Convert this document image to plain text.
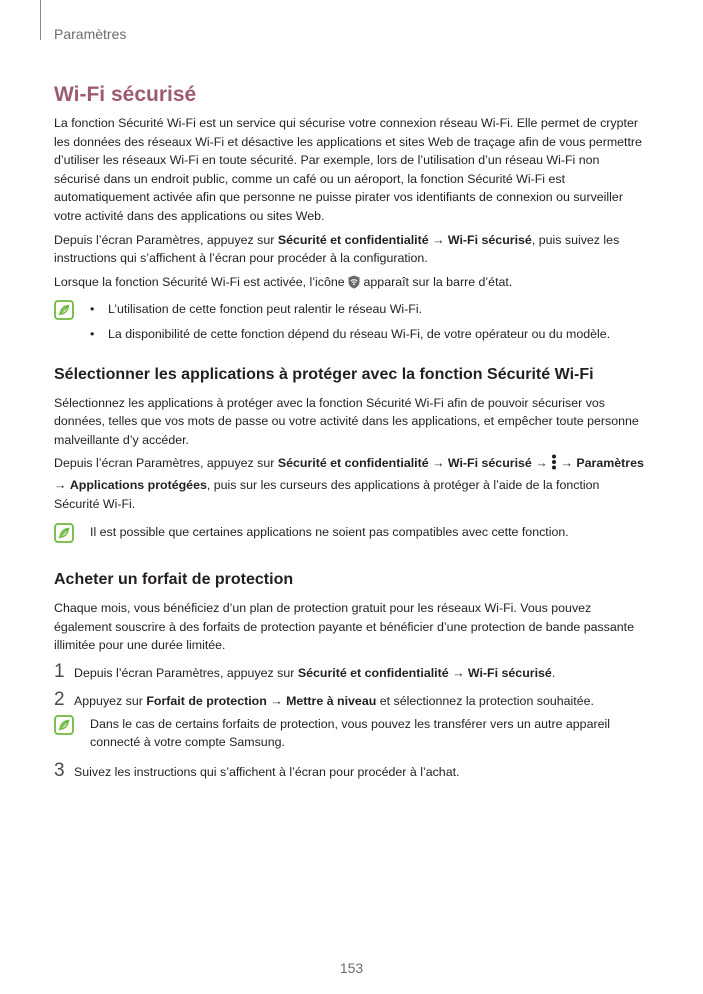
Paramètres
Wi-Fi sécurisé

La fonction Sécurité Wi-Fi est un service qui sécurise votre connexion réseau Wi-Fi. Elle permet de crypter les données des réseaux Wi-Fi et désactive les applications et sites Web de traçage afin de vous permettre d’utiliser les réseaux Wi-Fi en toute sécurité. Par exemple, lors de l’utilisation d’un réseau Wi-Fi non sécurisé dans un endroit public, comme un café ou un aéroport, la fonction Sécurité Wi-Fi est automatiquement activée afin que personne ne puisse pirater vos identifiants de connexion ou surveiller votre activité dans des applications ou sites Web.

Depuis l’écran Paramètres, appuyez sur Sécurité et confidentialité → Wi-Fi sécurisé, puis suivez les instructions qui s’affichent à l’écran pour procéder à la configuration.

Lorsque la fonction Sécurité Wi-Fi est activée, l’icône  apparaît sur la barre d’état.

• L’utilisation de cette fonction peut ralentir le réseau Wi-Fi.
• La disponibilité de cette fonction dépend du réseau Wi-Fi, de votre opérateur ou du modèle.
Sélectionner les applications à protéger avec la fonction Sécurité Wi-Fi

Sélectionnez les applications à protéger avec la fonction Sécurité Wi-Fi afin de pouvoir sécuriser vos données, telles que vos mots de passe ou votre activité dans les applications, et empêcher toute personne malveillante d’y accéder.

Depuis l’écran Paramètres, appuyez sur Sécurité et confidentialité → Wi-Fi sécurisé →  → Paramètres → Applications protégées, puis sur les curseurs des applications à protéger à l’aide de la fonction Sécurité Wi-Fi.

Il est possible que certaines applications ne soient pas compatibles avec cette fonction.

Acheter un forfait de protection

Chaque mois, vous bénéficiez d’un plan de protection gratuit pour les réseaux Wi-Fi. Vous pouvez également souscrire à des forfaits de protection payante et bénéficier d’une protection de bande passante illimitée pour une durée limitée.

1 Depuis l’écran Paramètres, appuyez sur Sécurité et confidentialité → Wi-Fi sécurisé.

2 Appuyez sur Forfait de protection → Mettre à niveau et sélectionnez la protection souhaitée.

Dans le cas de certains forfaits de protection, vous pouvez les transférer vers un autre appareil connecté à votre compte Samsung.

3 Suivez les instructions qui s’affichent à l’écran pour procéder à l’achat.

153
